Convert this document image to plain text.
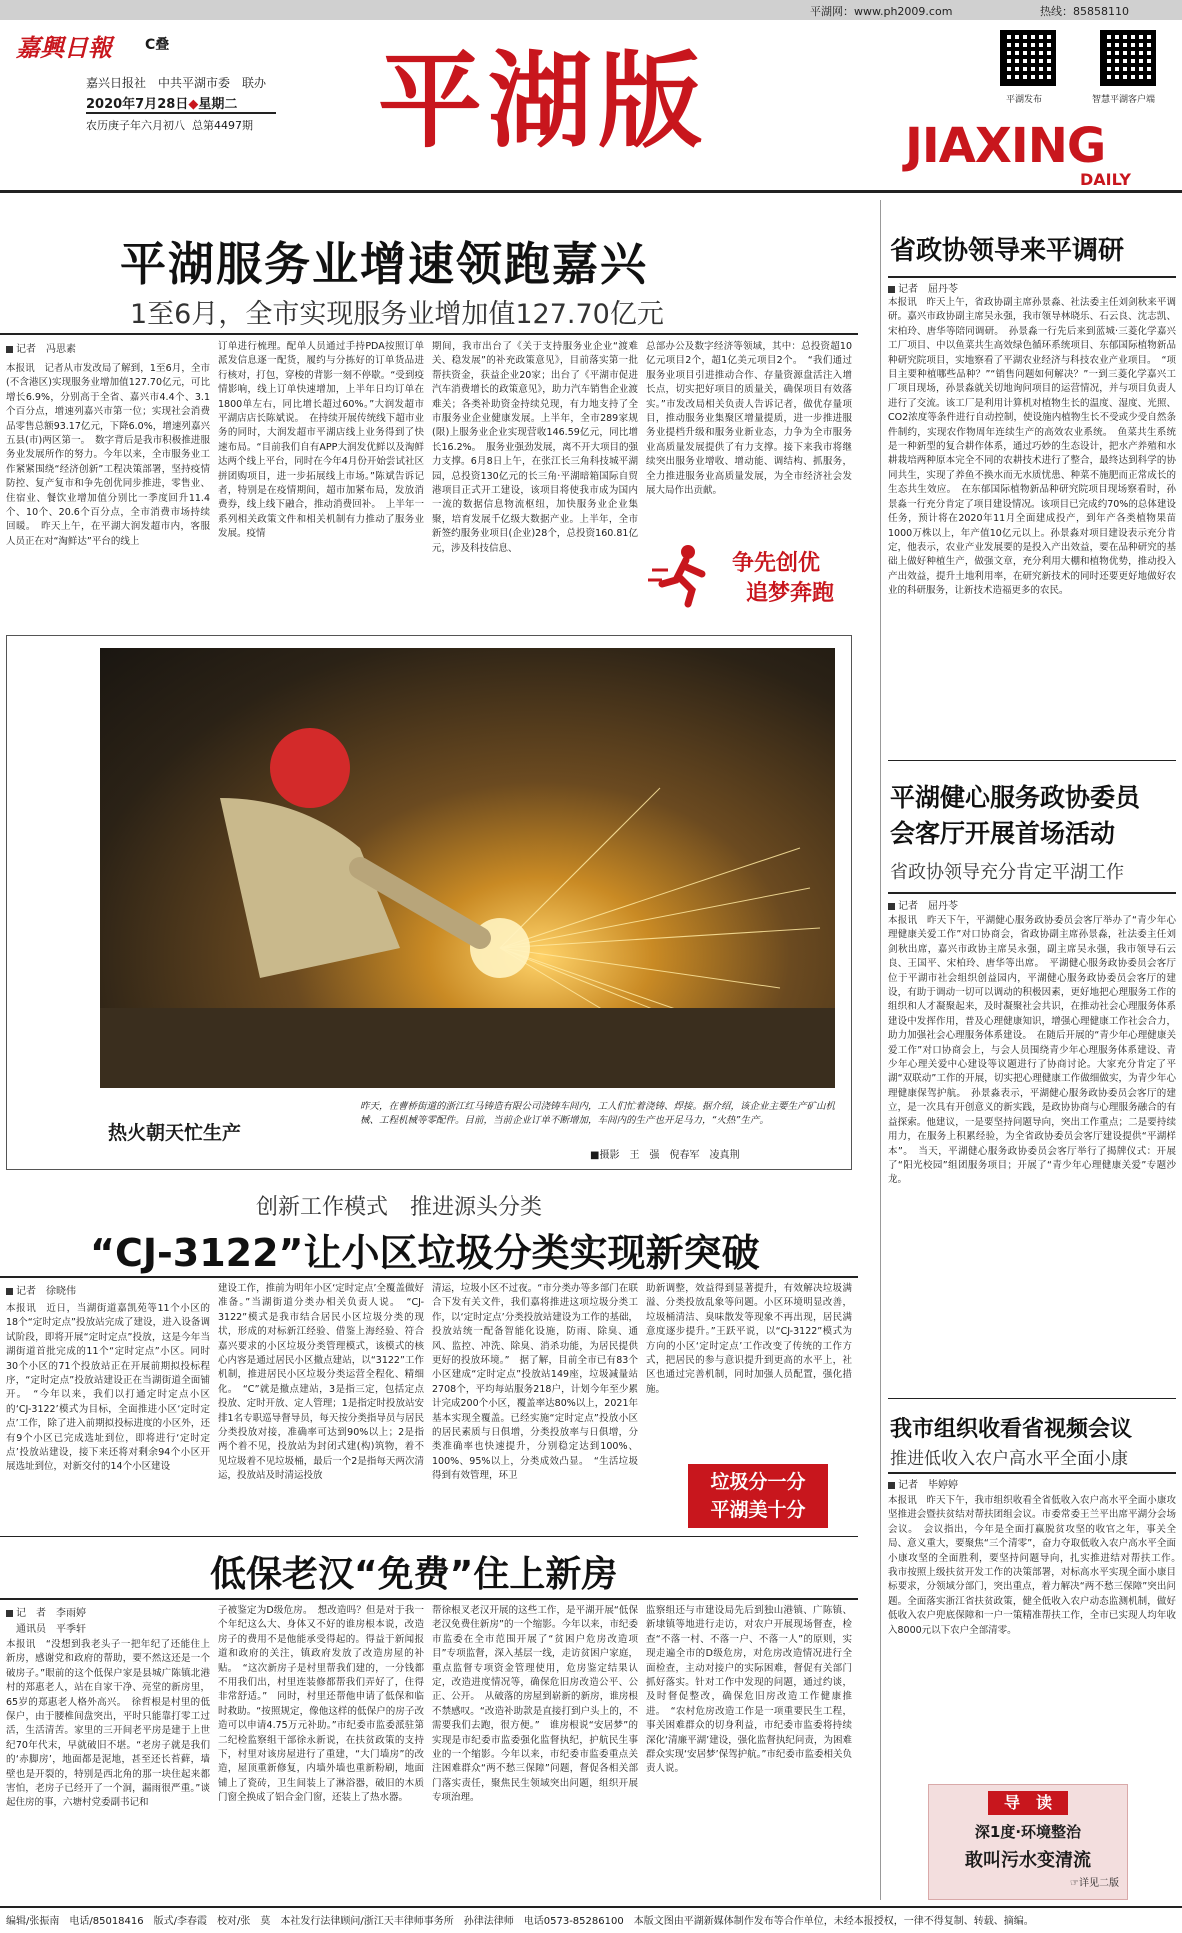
平湖网：www.ph2009.com	热线：85858110
嘉興日報 C叠
嘉兴日报社　中共平湖市委　联办
2020年7月28日◆星期二
农历庚子年六月初八 总第4497期 平湖版	平湖发布	智慧平湖客户端
JIAXING
DAILY
平湖服务业增速领跑嘉兴
1至6月，全市实现服务业增加值127.70亿元
记者　冯思素
本报讯　记者从市发改局了解到，1至6月，全市(不含港区)实现服务业增加值127.70亿元，可比增长6.9%，分别高于全省、嘉兴市4.4个、3.1个百分点，增速列嘉兴市第一位；实现社会消费品零售总额93.17亿元，下降6.0%，增速列嘉兴五县(市)两区第一。　数字背后是我市积极推进服务业发展所作的努力。今年以来，全市服务业工作紧紧围绕“经济创新”工程决策部署，坚持疫情防控、复产复市和争先创优同步推进，零售业、住宿业、餐饮业增加值分别比一季度回升11.4个、10个、20.6个百分点，全市消费市场持续回暖。　昨天上午，在平湖大润发超市内，客服人员正在对“淘鲜达”平台的线上
订单进行梳理。配单人员通过手持PDA按照订单派发信息逐一配货，履约与分拣好的订单货品进行核对，打包，穿梭的背影一刻不停歇。“受到疫情影响，线上订单快速增加，上半年日均订单在1800单左右，同比增长超过60%。”大润发超市平湖店店长陈斌说。　在持续开展传统线下超市业务的同时，大润发超市平湖店线上业务得到了快速布局。“目前我们自有APP大润发优鲜以及淘鲜达两个线上平台，同时在今年4月份开始尝试社区拼团购项目，进一步拓展线上市场。”陈斌告诉记者，特别是在疫情期间，超市加紧布局，发放消费券，线上线下融合，推动消费回补。　上半年一系列相关政策文件和相关机制有力推动了服务业发展。疫情
期间，我市出台了《关于支持服务业企业“渡难关、稳发展”的补充政策意见》，目前落实第一批帮扶资金，获益企业20家；出台了《平湖市促进汽车消费增长的政策意见》，助力汽车销售企业渡难关；各类补助资金持续兑现，有力地支持了全市服务业企业健康发展。上半年，全市289家规(限)上服务业企业实现营收146.59亿元，同比增长16.2%。　服务业强劲发展，离不开大项目的强力支撑。6月8日上午，在张江长三角科技城平湖园，总投资130亿元的长三角·平湖暗箱国际自贸港项目正式开工建设，该项目将使我市成为国内一流的数据信息物流枢纽，加快服务业企业集聚，培育发展千亿级大数据产业。上半年，全市新签约服务业项目(企业)28个，总投资160.81亿元，涉及科技信息、
总部办公及数字经济等领域，其中：总投资超10亿元项目2个，超1亿美元项目2个。　“我们通过服务业项目引进推动合作、存量资源盘活注入增长点，切实把好项目的质量关，确保项目有效落实。”市发改局相关负责人告诉记者，做优存量项目，推动服务业集聚区增量提质，进一步推进服务业提档升级和服务业新业态，力争为全市服务业高质量发展提供了有力支撑。接下来我市将继续突出服务业增收、增动能、调结构、抓服务，全力推进服务业高质量发展，为全市经济社会发展大局作出贡献。
争先创优
追梦奔跑
热火朝天忙生产
昨天，在曹桥街道的浙江红马铸造有限公司浇铸车间内，工人们忙着浇铸、焊接。据介绍，该企业主要生产矿山机械、工程机械等零配件。目前，当前企业订单不断增加，车间内的生产也开足马力，“火热”生产。
■摄影　王　强　倪春军　凌真荆
创新工作模式　推进源头分类
“CJ-3122”让小区垃圾分类实现新突破
记者　徐晓伟
本报讯　近日，当湖街道嘉凯苑等11个小区的18个“定时定点”投放站完成了建设，进入设备调试阶段，即将开展“定时定点”投放，这是今年当湖街道首批完成的11个“定时定点”小区。同时30个小区的71个投放站正在开展前期拟投标程序，“定时定点”投放站建设正在当湖街道全面铺开。　“今年以来，我们以打通定时定点小区的‘CJ-3122’模式为目标，全面推进小区‘定时定点’工作，除了进入前期拟投标进度的小区外，还有9个小区已完成选址到位，即将进行‘定时定点’投放站建设，接下来还将对剩余94个小区开展选址到位，对新交付的14个小区建设
建设工作，推前为明年小区‘定时定点’全覆盖做好准备。”当湖街道分类办相关负责人说。　“CJ-3122”模式是我市结合居民小区垃圾分类的现状，形成的对标新江经验、借鉴上海经验、符合嘉兴要求的小区垃圾分类管理模式，该模式的核心内容是通过居民小区撤点建站，以“3122”工作机制，推进居民小区垃圾分类运营全程化、精细化。　“C”就是撤点建站，3是指三定，包括定点投放、定时开放、定人管理；1是指定时投放站安排1名专职巡导督导员，每天按分类指导员与居民分类投放对接，准确率可达到90%以上；2是指两个着不见，投放站为封闭式建(构)筑物，着不见垃圾着不见垃圾桶，最后一个2是指每天两次清运，投放站及时清运投放
清运，垃圾小区不过夜。“市分类办等多部门在联合下发有关文件，我们嘉将推进这项垃圾分类工作，以‘定时定点’分类投放站建设为工作的基础，投放站统一配备智能化设施，防雨、除臭、通风、监控、冲洗、除臭、消杀功能，为居民提供更好的投放环境。”　据了解，目前全市已有83个小区建成“定时定点”投放站149座，垃圾减量站2708个，平均每站服务218户，计划今年至少累计完成200个小区，覆盖率达80%以上，2021年基本实现全覆盖。已经实施“定时定点”投放小区的居民素质与日俱增，分类投放率与日俱增，分类准确率也快速提升，分别稳定达到100%、100%、95%以上，分类成效凸显。　“生活垃圾得到有效管理，环卫
助新调整，效益得到显著提升，有效解决垃圾满溢、分类投放乱象等问题。小区环境明显改善，垃圾桶清洁、臭味散发等现象不再出现，居民满意度逐步提升。”王跃平说，以“CJ-3122”模式为方向的小区‘定时定点’工作改变了传统的工作方式，把居民的参与意识提升到更高的水平上，社区也通过完善机制，同时加强人员配置，强化措施。
垃圾分一分
平湖美十分
低保老汉“免费”住上新房
记　者　李雨婷
通讯员　平季轩
本报讯　“没想到我老头子一把年纪了还能住上新房，感谢党和政府的帮助，要不然这还是一个破房子。”眼前的这个低保户家是县城广陈镇北港村的郑惠老人，站在自家干净、亮堂的新房里，65岁的郑惠老人格外高兴。　徐哲根是村里的低保户，由于腰椎间盘突出，平时只能靠打零工过活，生活清苦。家里的三开间老平房是建于上世纪70年代末，早就破旧不堪。“老房子就是我们的‘赤脚房’，地面都是泥地，甚至还长苔藓，墙壁也是开裂的，特别是西北角的那一块住起来都害怕，老房子已经开了一个洞，漏雨很严重。”谈起住房的事，六塘村党委副书记和
子被鉴定为D级危房。　想改造吗？但是对于我一个年纪这么大、身体又不好的谁房根本说，改造房子的费用不是他能承受得起的。得益于新闻报道和政府的关注，镇政府发放了改造房屋的补贴。　“这次新房子是村里帮我们建的，一分钱都不用我们出，村里连装修都帮我们弄好了，住得非常舒适。”　同时，村里还帮他申请了低保和临时救助。“按照规定，像他这样的低保户的房子改造可以申请4.75万元补助。”市纪委市监委派驻第二纪检监察组干部徐永新说，在扶贫政策的支持下，村里对该房屋进行了重建，“大门墙房”的改造，屋顶重新修复，内墙外墙也重新粉刷，地面铺上了瓷砖，卫生间装上了淋浴器，破旧的木质门窗全换成了铝合金门窗，还装上了热水器。
帮徐根叉老汉开展的这些工作，是平湖开展“低保老汉免费住新房”的一个缩影。今年以来，市纪委市监委在全市范围开展了“贫困户危房改造项目”专项监督，深入基层一线，走访贫困户家庭，重点监督专项资金管理使用，危房鉴定结果认定，改造进度情况等，确保危旧房改造公平、公正、公开。　从破落的房屋到崭新的新房，谁房根不禁感叹。“改造补助款是直接打到户头上的，不需要我们去跑，很方便。”　谁房根说“安居梦”的实现是市纪委市监委强化监督执纪，护航民生事业的一个缩影。今年以来，市纪委市监委重点关注困难群众“两不愁三保障”问题，督促各相关部门落实责任，聚焦民生领域突出问题，组织开展专项治理。
监察组还与市建设局先后到独山港镇、广陈镇、新埭镇等地进行走访，对农户开展现场督查，检查“不落一村、不落一户、不落一人”的原则，实现走遍全市的D级危房，对危房改造情况进行全面检查，主动对接户的实际困难，督促有关部门抓好落实。针对工作中发现的问题，通过约谈，及时督促整改，确保危旧房改造工作健康推进。　“农村危房改造工作是一项重要民生工程，事关困难群众的切身利益，市纪委市监委将持续深化‘清廉平湖’建设，强化监督执纪问责，为困难群众实现‘安居梦’保驾护航。”市纪委市监委相关负责人说。
省政协领导来平调研
记者　屈丹苓
本报讯　昨天上午，省政协副主席孙景淼、社法委主任刘剑秋来平调研。嘉兴市政协副主席吴永强，我市领导林晓乐、石云良、沈志凯、宋柏玲、唐华等陪同调研。　孙景淼一行先后来到蓝城·三菱化学嘉兴工厂项目、中以鱼菜共生高效绿色循环系统项目、东郁国际植物新品种研究院项目，实地察看了平湖农业经济与科技农业产业项目。　“项目主要种植哪些品种？”“销售问题如何解决？”一到三菱化学嘉兴工厂项目现场，孙景淼就关切地询问项目的运营情况，并与项目负责人进行了交流。该工厂是利用计算机对植物生长的温度、湿度、光照、CO2浓度等条件进行自动控制，使设施内植物生长不受或少受自然条件制约，实现农作物周年连续生产的高效农业系统。　鱼菜共生系统是一种新型的复合耕作体系，通过巧妙的生态设计，把水产养殖和水耕栽培两种原本完全不同的农耕技术进行了整合，最终达到科学的协同共生，实现了养鱼不换水而无水质忧患、种菜不施肥而正常成长的生态共生效应。　在东郁国际植物新品种研究院项目现场察看时，孙景淼一行充分肯定了项目建设情况。该项目已完成约70%的总体建设任务，预计将在2020年11月全面建成投产，到年产各类植物果苗1000万株以上，年产值10亿元以上。孙景淼对项目建设表示充分肯定，他表示，农业产业发展要的是投入产出效益，要在品种研究的基础上做好种植生产，做强文章，充分利用大棚和植物优势，推动投入产出效益，提升土地利用率，在研究新技术的同时还要更好地做好农业的科研服务，让新技术造福更多的农民。
平湖健心服务政协委员
会客厅开展首场活动
省政协领导充分肯定平湖工作
记者　屈丹苓
本报讯　昨天下午，平湖健心服务政协委员会客厅举办了“青少年心理健康关爱工作”对口协商会，省政协副主席孙景淼，社法委主任刘剑秋出席，嘉兴市政协主席吴永强，副主席吴永强，我市领导石云良、王国平、宋柏玲、唐华等出席。　平湖健心服务政协委员会客厅位于平湖市社会组织创益园内，平湖健心服务政协委员会客厅的建设，有助于调动一切可以调动的积极因素，更好地把心理服务工作的组织和人才凝聚起来，及时凝聚社会共识，在推动社会心理服务体系建设中发挥作用，普及心理健康知识，增强心理健康工作社会合力，助力加强社会心理服务体系建设。　在随后开展的“青少年心理健康关爱工作”对口协商会上，与会人员围绕青少年心理服务体系建设、青少年心理关爱中心建设等议题进行了协商讨论。大家充分肯定了平湖“双联动”工作的开展，切实把心理健康工作做细做实，为青少年心理健康保驾护航。　孙景淼表示，平湖健心服务政协委员会客厅的建立，是一次具有开创意义的新实践，是政协协商与心理服务融合的有益探索。他建议，一是要坚持问题导向，突出工作重点；二是要持续用力，在服务上积累经验，为全省政协委员会客厅建设提供“平湖样本”。　当天，平湖健心服务政协委员会客厅举行了揭牌仪式：开展了“阳光校园”组团服务项目；开展了“青少年心理健康关爱”专题沙龙。
我市组织收看省视频会议
推进低收入农户高水平全面小康
记者　毕婷婷
本报讯　昨天下午，我市组织收看全省低收入农户高水平全面小康攻坚推进会暨扶贫结对帮扶团组会议。市委常委王兰平出席平湖分会场会议。　会议指出，今年是全面打赢脱贫攻坚的收官之年，事关全局、意义重大，要聚焦“三个清零”，奋力夺取低收入农户高水平全面小康攻坚的全面胜利，要坚持问题导向，扎实推进结对帮扶工作。　我市按照上级扶贫开发工作的决策部署，对标高水平实现全面小康目标要求，分领域分部门，突出重点，着力解决“两不愁三保障”突出问题。全面落实浙江省扶贫政策，健全低收入农户动态监测机制，做好低收入农户兜底保障和一户一策精准帮扶工作，全市已实现人均年收入8000元以下农户全部清零。
导　读
深1度·环境整治
敢叫污水变清流
☞详见二版
编辑/张振南　电话/85018416　版式/李春霞　校对/张　莫　本社发行法律顾问/浙江天丰律师事务所　孙律法律师　电话0573-85286100　本版文图由平湖新媒体制作发布等合作单位，未经本报授权，一律不得复制、转载、摘编。
